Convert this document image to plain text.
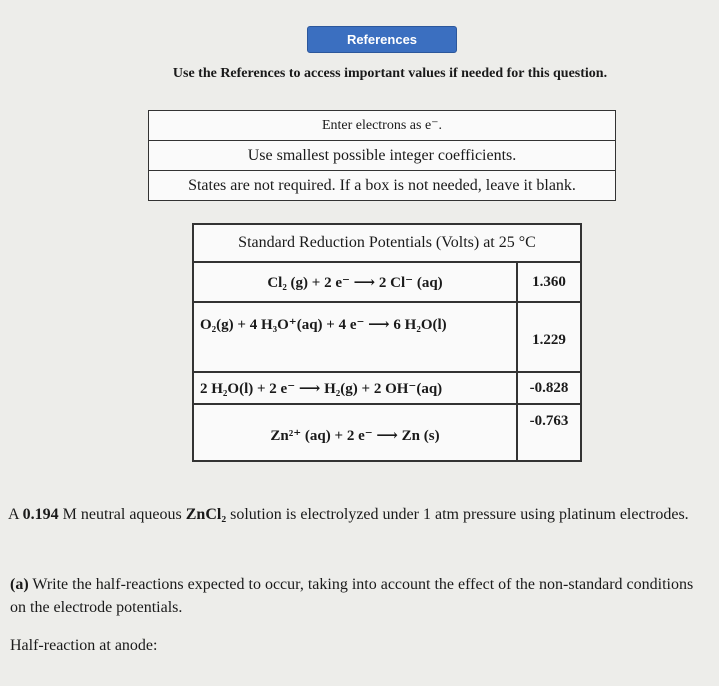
References
Use the References to access important values if needed for this question.
Enter electrons as e⁻.
Use smallest possible integer coefficients.
States are not required. If a box is not needed, leave it blank.
Standard Reduction Potentials (Volts) at 25 °C
Cl₂ (g) + 2 e⁻ ⟶ 2 Cl⁻ (aq)	1.360
O₂(g) + 4 H₃O⁺(aq) + 4 e⁻ ⟶ 6 H₂O(l)
1.229
2 H₂O(l) + 2 e⁻ ⟶ H₂(g) + 2 OH⁻(aq)	-0.828
Zn²⁺ (aq) + 2 e⁻ ⟶ Zn (s)
-0.763
A 0.194 M neutral aqueous ZnCl₂ solution is electrolyzed under 1 atm pressure using platinum electrodes.
(a) Write the half-reactions expected to occur, taking into account the effect of the non-standard conditions on the electrode potentials.
Half-reaction at anode:
